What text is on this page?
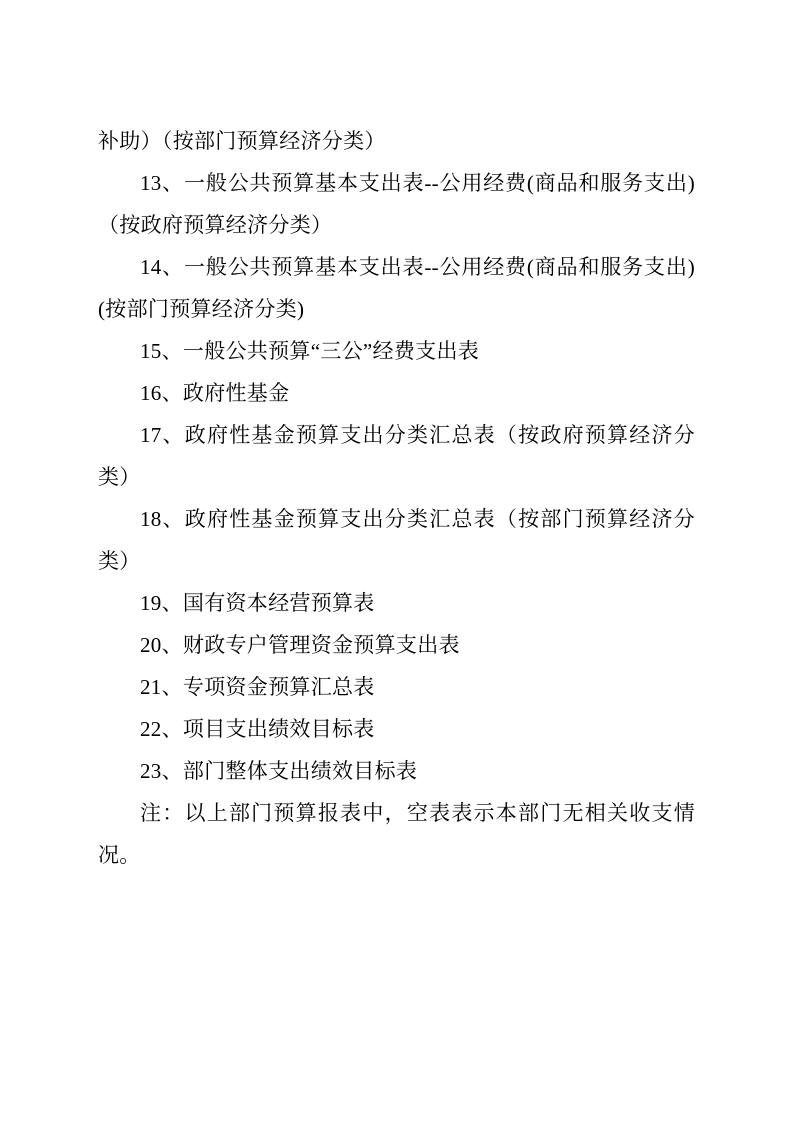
补助）（按部门预算经济分类）

13、一般公共预算基本支出表--公用经费(商品和服务支出)（按政府预算经济分类）

14、一般公共预算基本支出表--公用经费(商品和服务支出)(按部门预算经济分类)

15、一般公共预算“三公”经费支出表

16、政府性基金

17、政府性基金预算支出分类汇总表（按政府预算经济分类）

18、政府性基金预算支出分类汇总表（按部门预算经济分类）

19、国有资本经营预算表

20、财政专户管理资金预算支出表

21、专项资金预算汇总表

22、项目支出绩效目标表

23、部门整体支出绩效目标表

注：以上部门预算报表中，空表表示本部门无相关收支情况。
